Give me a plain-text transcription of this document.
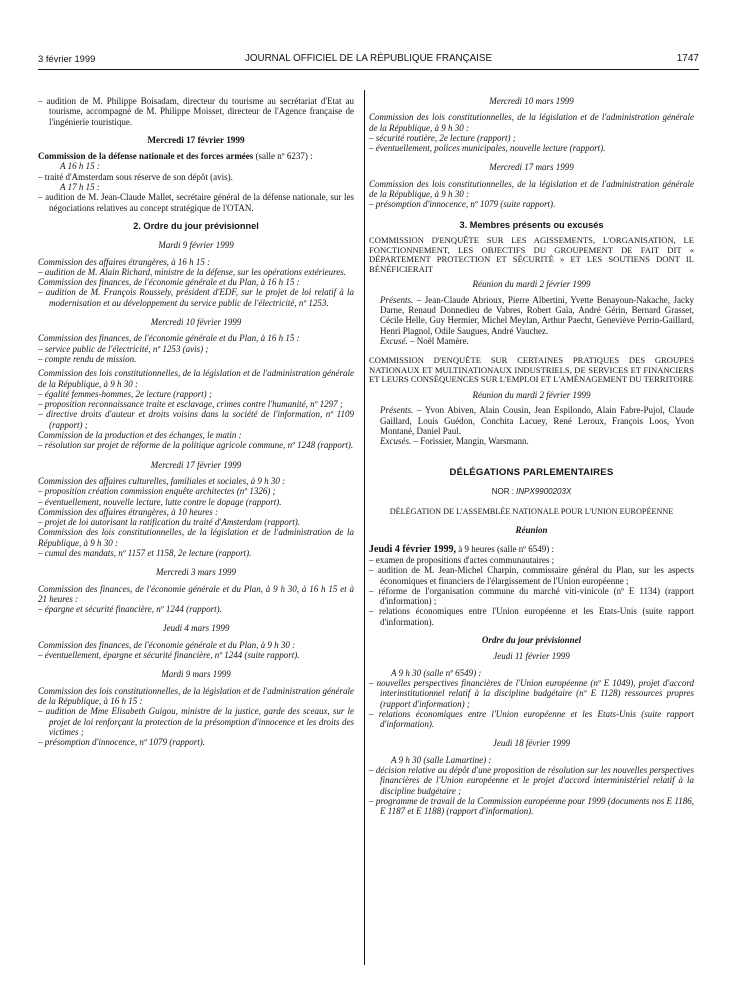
3 février 1999	JOURNAL OFFICIEL DE LA RÉPUBLIQUE FRANÇAISE	1747
– audition de M. Philippe Boisadam, directeur du tourisme au secrétariat d'Etat au tourisme, accompagné de M. Philippe Moisset, directeur de l'Agence française de l'ingénierie touristique.
Mercredi 17 février 1999
Commission de la défense nationale et des forces armées (salle nº 6237) :
A 16 h 15 :
– traité d'Amsterdam sous réserve de son dépôt (avis).
A 17 h 15 :
– audition de M. Jean-Claude Mallet, secrétaire général de la défense nationale, sur les négociations relatives au concept stratégique de l'OTAN.
2. Ordre du jour prévisionnel
Mardi 9 février 1999
Commission des affaires étrangères, à 16 h 15 :
– audition de M. Alain Richard, ministre de la défense, sur les opérations extérieures.
Commission des finances, de l'économie générale et du Plan, à 16 h 15 :
– audition de M. François Roussely, président d'EDF, sur le projet de loi relatif à la modernisation et au développement du service public de l'électricité, nº 1253.
Mercredi 10 février 1999
Commission des finances, de l'économie générale et du Plan, à 16 h 15 :
– service public de l'électricité, nº 1253 (avis) ;
– compte rendu de mission.
Commission des lois constitutionnelles, de la législation et de l'administration générale de la République, à 9 h 30 :
– égalité femmes-hommes, 2e lecture (rapport) ;
– proposition reconnaissance traite et esclavage, crimes contre l'humanité, nº 1297 ;
– directive droits d'auteur et droits voisins dans la société de l'information, nº 1109 (rapport) ;
Commission de la production et des échanges, le matin :
– résolution sur projet de réforme de la politique agricole commune, nº 1248 (rapport).
Mercredi 17 février 1999
Commission des affaires culturelles, familiales et sociales, à 9 h 30 :
– proposition création commission enquête architectes (nº 1326) ;
– éventuellement, nouvelle lecture, lutte contre le dopage (rapport).
Commission des affaires étrangères, à 10 heures :
– projet de loi autorisant la ratification du traité d'Amsterdam (rapport).
Commission des lois constitutionnelles, de la législation et de l'administration de la République, à 9 h 30 :
– cumul des mandats, nº 1157 et 1158, 2e lecture (rapport).
Mercredi 3 mars 1999
Commission des finances, de l'économie générale et du Plan, à 9 h 30, à 16 h 15 et à 21 heures :
– épargne et sécurité financière, nº 1244 (rapport).
Jeudi 4 mars 1999
Commission des finances, de l'économie générale et du Plan, à 9 h 30 :
– éventuellement, épargne et sécurité financière, nº 1244 (suite rapport).
Mardi 9 mars 1999
Commission des lois constitutionnelles, de la législation et de l'administration générale de la République, à 16 h 15 :
– audition de Mme Elisabeth Guigou, ministre de la justice, garde des sceaux, sur le projet de loi renforçant la protection de la présomption d'innocence et les droits des victimes ;
– présomption d'innocence, nº 1079 (rapport).
Mercredi 10 mars 1999
Commission des lois constitutionnelles, de la législation et de l'administration générale de la République, à 9 h 30 :
– sécurité routière, 2e lecture (rapport) ;
– éventuellement, polices municipales, nouvelle lecture (rapport).
Mercredi 17 mars 1999
Commission des lois constitutionnelles, de la législation et de l'administration générale de la République, à 9 h 30 :
– présomption d'innocence, nº 1079 (suite rapport).
3. Membres présents ou excusés
COMMISSION D'ENQUÊTE SUR LES AGISSEMENTS, L'ORGANISATION, LE FONCTIONNEMENT, LES OBJECTIFS DU GROUPEMENT DE FAIT DIT « DÉPARTEMENT PROTECTION ET SÉCURITÉ » ET LES SOUTIENS DONT IL BÉNÉFICIERAIT
Réunion du mardi 2 février 1999
Présents. – Jean-Claude Abrioux, Pierre Albertini, Yvette Benayoun-Nakache, Jacky Darne, Renaud Donnedieu de Vabres, Robert Gaïa, André Gérin, Bernard Grasset, Cécile Helle, Guy Hermier, Michel Meylan, Arthur Paecht, Geneviève Perrin-Gaillard, Henri Plagnol, Odile Saugues, André Vauchez.
Excusé. – Noël Mamère.
COMMISSION D'ENQUÊTE SUR CERTAINES PRATIQUES DES GROUPES NATIONAUX ET MULTINATIONAUX INDUSTRIELS, DE SERVICES ET FINANCIERS ET LEURS CONSÉQUENCES SUR L'EMPLOI ET L'AMÉNAGEMENT DU TERRITOIRE
Réunion du mardi 2 février 1999
Présents. – Yvon Abiven, Alain Cousin, Jean Espilondo, Alain Fabre-Pujol, Claude Gaillard, Louis Guédon, Conchita Lacuey, René Leroux, François Loos, Yvon Montané, Daniel Paul.
Excusés. – Forissier, Mangin, Warsmann.
DÉLÉGATIONS PARLEMENTAIRES
NOR : INPX9900203X
DÉLÉGATION DE L'ASSEMBLÉE NATIONALE POUR L'UNION EUROPÉENNE
Réunion
Jeudi 4 février 1999, à 9 heures (salle nº 6549) :
– examen de propositions d'actes communautaires ;
– audition de M. Jean-Michel Charpin, commissaire général du Plan, sur les aspects économiques et financiers de l'élargissement de l'Union européenne ;
– réforme de l'organisation commune du marché viti-vinicole (nº E 1134) (rapport d'information) ;
– relations économiques entre l'Union européenne et les Etats-Unis (suite rapport d'information).
Ordre du jour prévisionnel
Jeudi 11 février 1999
A 9 h 30 (salle nº 6549) :
– nouvelles perspectives financières de l'Union européenne (nº E 1049), projet d'accord interinstitutionnel relatif à la discipline budgétaire (nº E 1128) ressources propres (rapport d'information) ;
– relations économiques entre l'Union européenne et les Etats-Unis (suite rapport d'information).
Jeudi 18 février 1999
A 9 h 30 (salle Lamartine) :
– décision relative au dépôt d'une proposition de résolution sur les nouvelles perspectives financières de l'Union européenne et le projet d'accord interministériel relatif à la discipline budgétaire ;
– programme de travail de la Commission européenne pour 1999 (documents nos E 1186, E 1187 et E 1188) (rapport d'information).
